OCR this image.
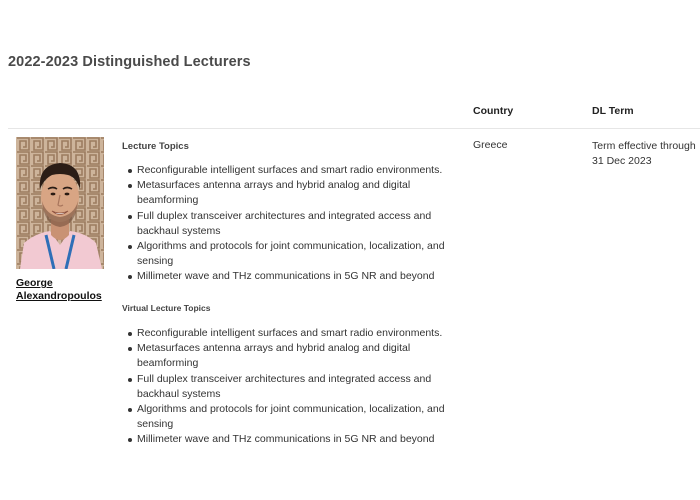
2022-2023 Distinguished Lecturers
Country	DL Term
George
Alexandropoulos
Lecture Topics
Reconfigurable intelligent surfaces and smart radio environments.
Metasurfaces antenna arrays and hybrid analog and digital beamforming
Full duplex transceiver architectures and integrated access and backhaul systems
Algorithms and protocols for joint communication, localization, and sensing
Millimeter wave and THz communications in 5G NR and beyond
Virtual Lecture Topics
Reconfigurable intelligent surfaces and smart radio environments.
Metasurfaces antenna arrays and hybrid analog and digital beamforming
Full duplex transceiver architectures and integrated access and backhaul systems
Algorithms and protocols for joint communication, localization, and sensing
Millimeter wave and THz communications in 5G NR and beyond
Greece	Term effective through 31 Dec 2023
